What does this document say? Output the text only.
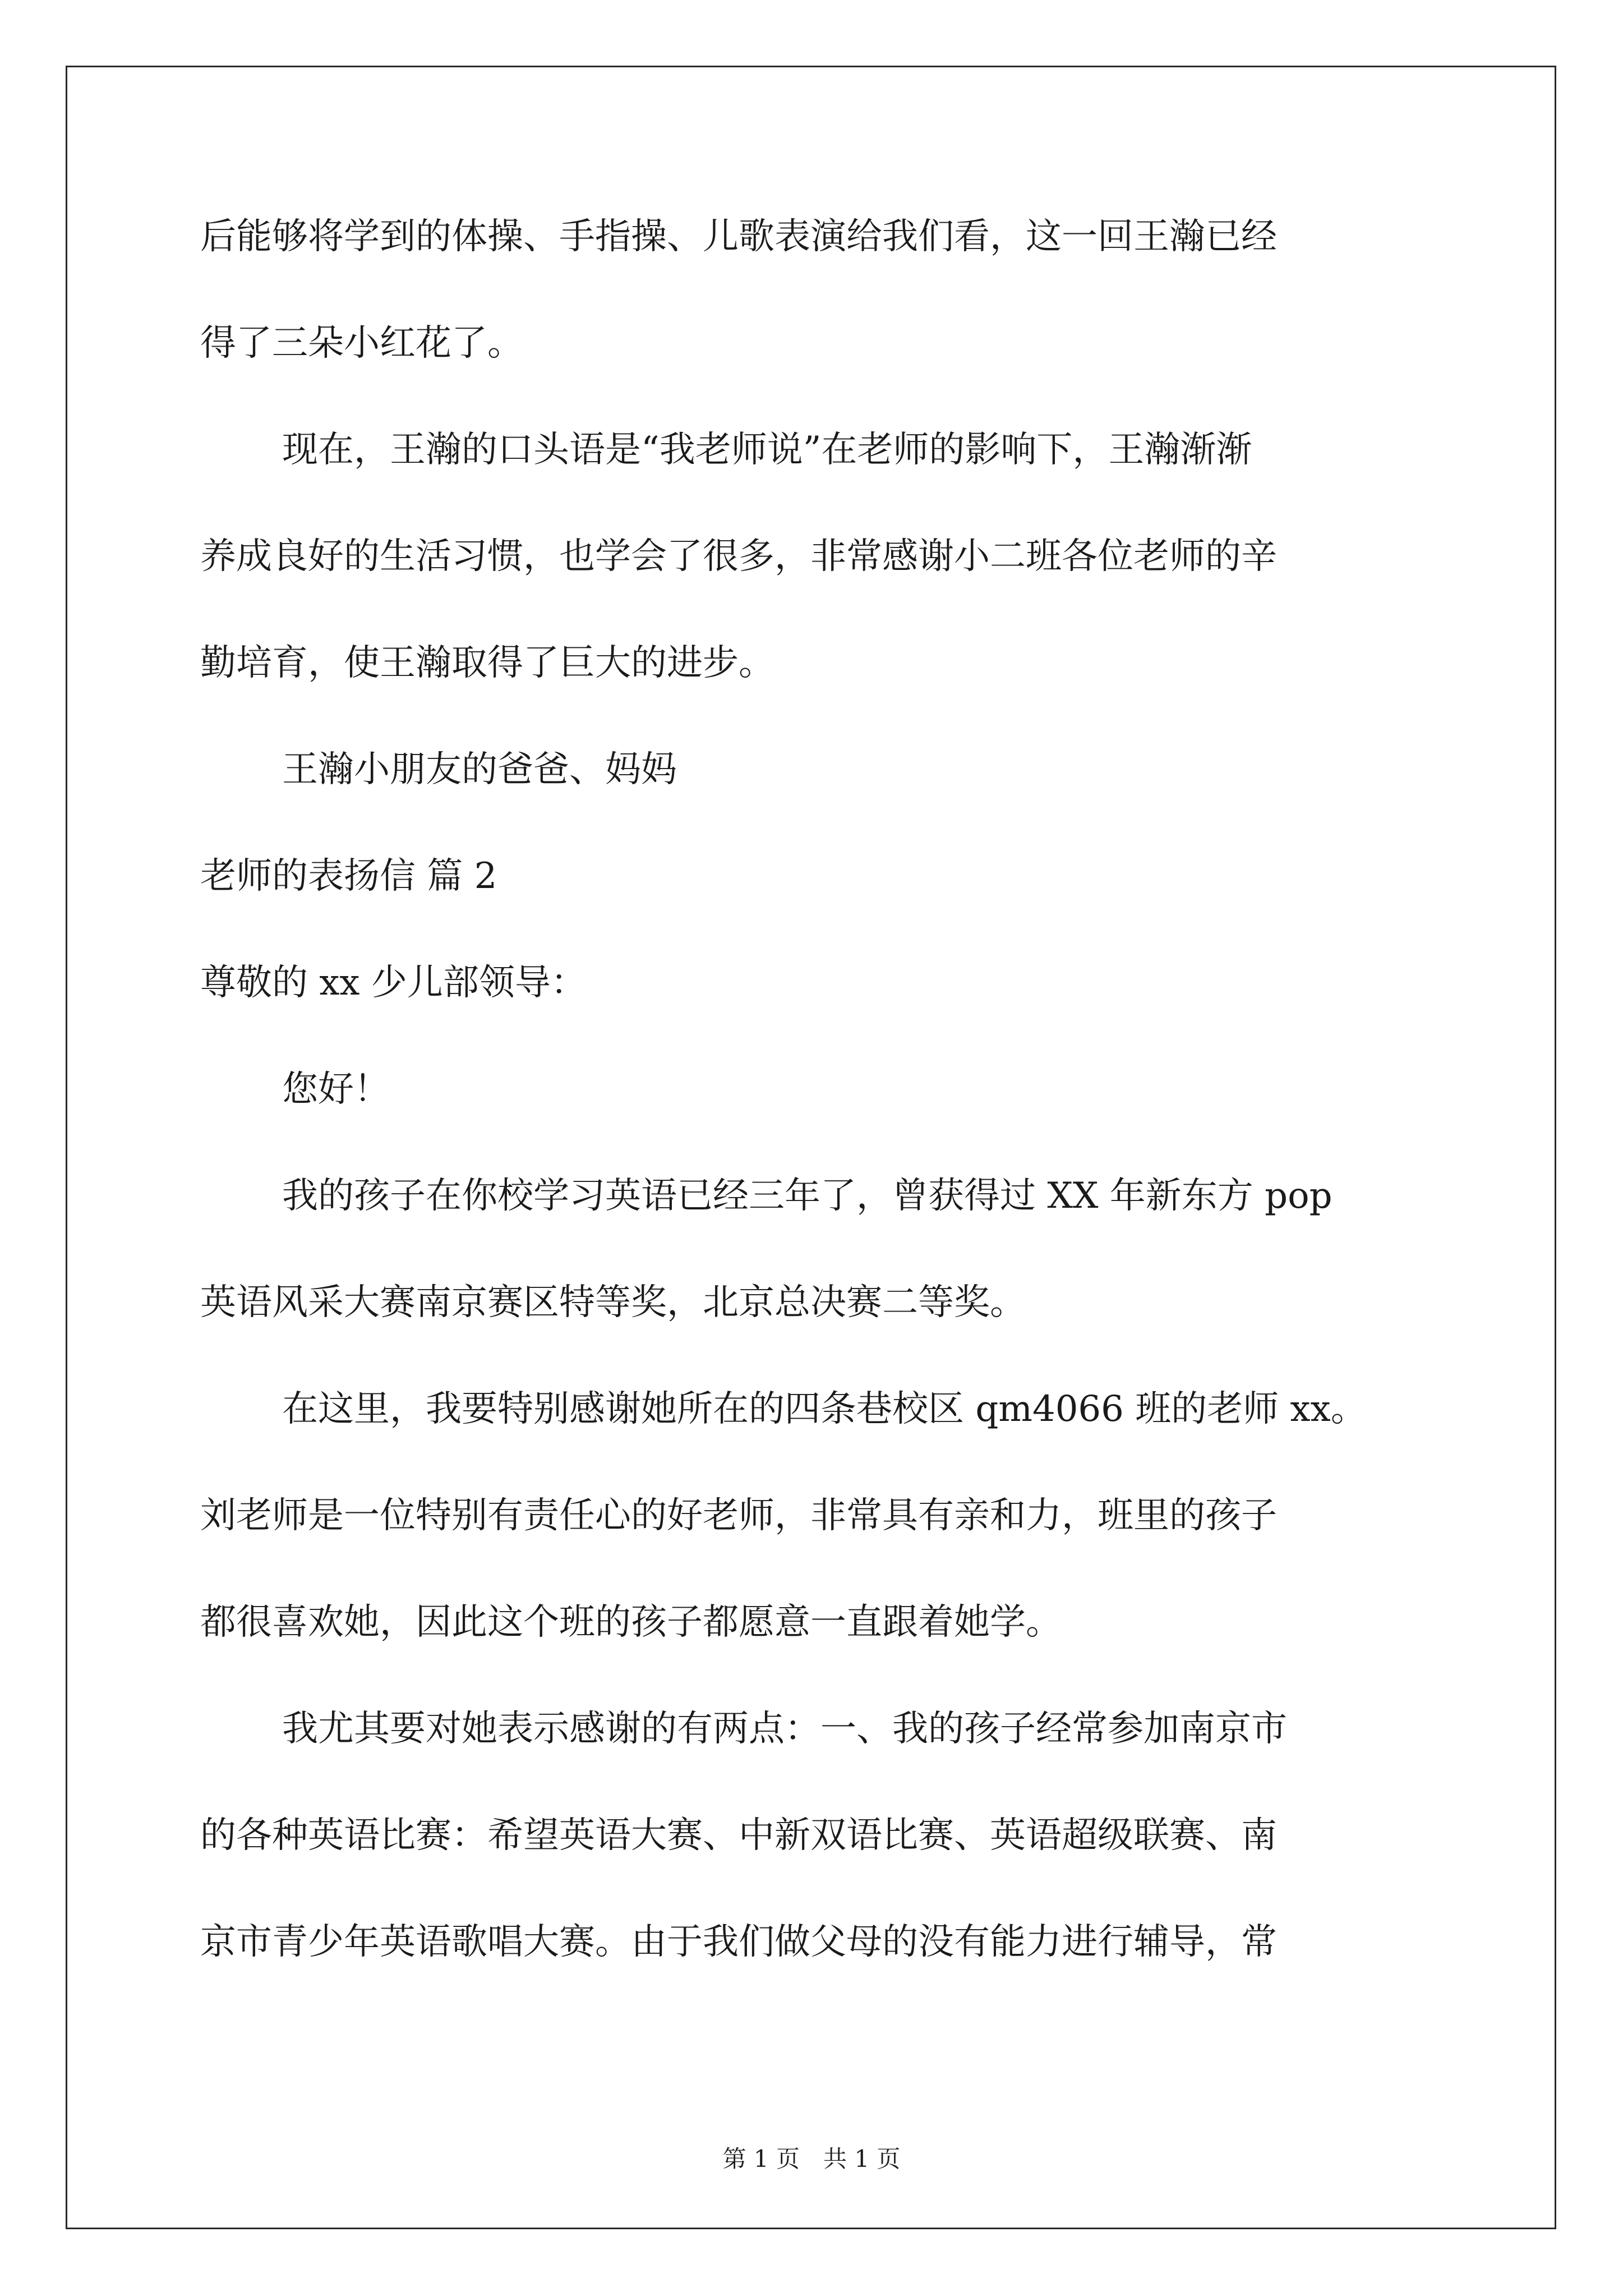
后能够将学到的体操、手指操、儿歌表演给我们看，这一回王瀚已经
得了三朵小红花了。
现在，王瀚的口头语是“我老师说”在老师的影响下，王瀚渐渐
养成良好的生活习惯，也学会了很多，非常感谢小二班各位老师的辛
勤培育，使王瀚取得了巨大的进步。
王瀚小朋友的爸爸、妈妈
老师的表扬信 篇 2
尊敬的 xx 少儿部领导：
您好！
我的孩子在你校学习英语已经三年了，曾获得过 XX 年新东方 pop
英语风采大赛南京赛区特等奖，北京总决赛二等奖。
在这里，我要特别感谢她所在的四条巷校区 qm4066 班的老师 xx。
刘老师是一位特别有责任心的好老师，非常具有亲和力，班里的孩子
都很喜欢她，因此这个班的孩子都愿意一直跟着她学。
我尤其要对她表示感谢的有两点：一、我的孩子经常参加南京市
的各种英语比赛：希望英语大赛、中新双语比赛、英语超级联赛、南
京市青少年英语歌唱大赛。由于我们做父母的没有能力进行辅导，常
第 1 页　共 1 页
